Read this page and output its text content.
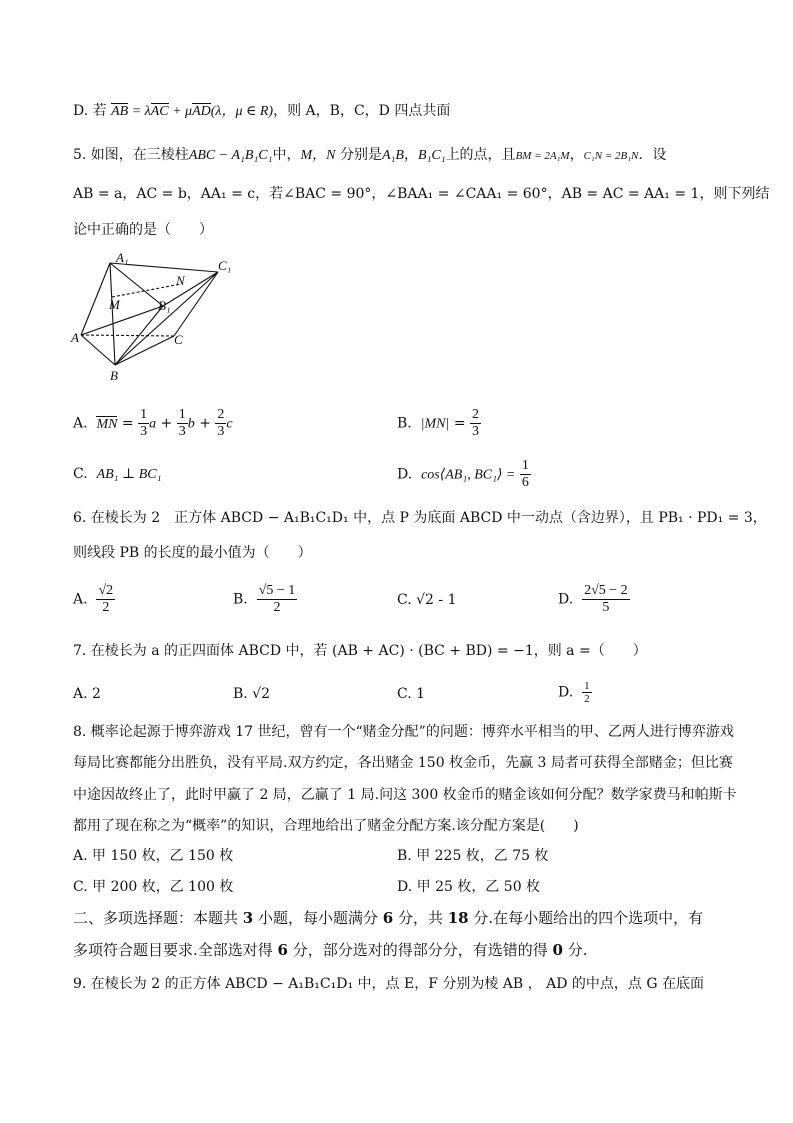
D. 若 AB = λAC + μAD(λ，μ ∈ R)，则 A，B，C，D 四点共面
5. 如图，在三棱柱ABC − A₁B₁C₁中，M，N 分别是A₁B，B₁C₁上的点，且BM = 2A₁M，C₁N = 2B₁N．设
AB = a，AC = b，AA₁ = c，若∠BAC = 90°，∠BAA₁ = ∠CAA₁ = 60°，AB = AC = AA₁ = 1，则下列结
论中正确的是（　　）
A₁
C₁
N
M	B₁
A	C
B
A. MN = $\frac{1}{3}$ $a + \frac{1}{3}$ $b + \frac{2}{3}$ c	B. $|MN| = \frac{2}{3}$
C. AB₁ ⊥ BC₁	D. cos⟨AB₁, BC₁⟩ = $\frac{1}{6}$
6. 在棱长为 2　正方体 ABCD − A₁B₁C₁D₁ 中，点 P 为底面 ABCD 中一动点（含边界），且 PB₁ · PD₁ = 3，
则线段 PB 的长度的最小值为（　　）
A. $\frac{√2}{2}$	B. $\frac{√5 - 1}{2}$	C. √2 - 1	D. $\frac{2√5 - 2}{5}$
7. 在棱长为 a 的正四面体 ABCD 中，若 (AB + AC) · (BC + BD) = −1，则 a =（　　）
A. 2	B. √2	C. 1	D. $\frac{1}{2}$
8. 概率论起源于博弈游戏 17 世纪，曾有一个“赌金分配”的问题：博弈水平相当的甲、乙两人进行博弈游戏
每局比赛都能分出胜负，没有平局.双方约定，各出赌金 150 枚金币，先赢 3 局者可获得全部赌金；但比赛
中途因故终止了，此时甲赢了 2 局，乙赢了 1 局.问这 300 枚金币的赌金该如何分配？数学家费马和帕斯卡
都用了现在称之为“概率”的知识，合理地给出了赌金分配方案.该分配方案是(　　)
A. 甲 150 枚，乙 150 枚	B. 甲 225 枚，乙 75 枚
C. 甲 200 枚，乙 100 枚	D. 甲 25 枚，乙 50 枚
二、多项选择题：本题共 3 小题，每小题满分 6 分，共 18 分.在每小题给出的四个选项中，有
多项符合题目要求.全部选对得 6 分，部分选对的得部分分，有选错的得 0 分.
9. 在棱长为 2 的正方体 ABCD − A₁B₁C₁D₁ 中，点 E，F 分别为棱 AB ， AD 的中点，点 G 在底面
